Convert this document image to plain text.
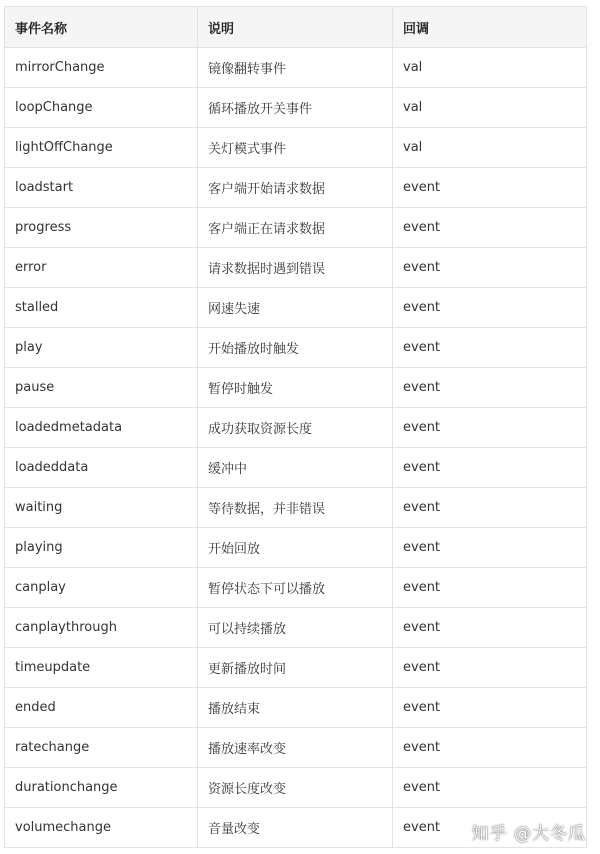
事件名称	说明	回调
mirrorChange	镜像翻转事件	val
loopChange	循环播放开关事件	val
lightOffChange	关灯模式事件	val
loadstart	客户端开始请求数据	event
progress	客户端正在请求数据	event
error	请求数据时遇到错误	event
stalled	网速失速	event
play	开始播放时触发	event
pause	暂停时触发	event
loadedmetadata	成功获取资源长度	event
loadeddata	缓冲中	event
waiting	等待数据，并非错误	event
playing	开始回放	event
canplay	暂停状态下可以播放	event
canplaythrough	可以持续播放	event
timeupdate	更新播放时间	event
ended	播放结束	event
ratechange	播放速率改变	event
durationchange	资源长度改变	event
volumechange	音量改变	event 知乎 @大冬瓜
